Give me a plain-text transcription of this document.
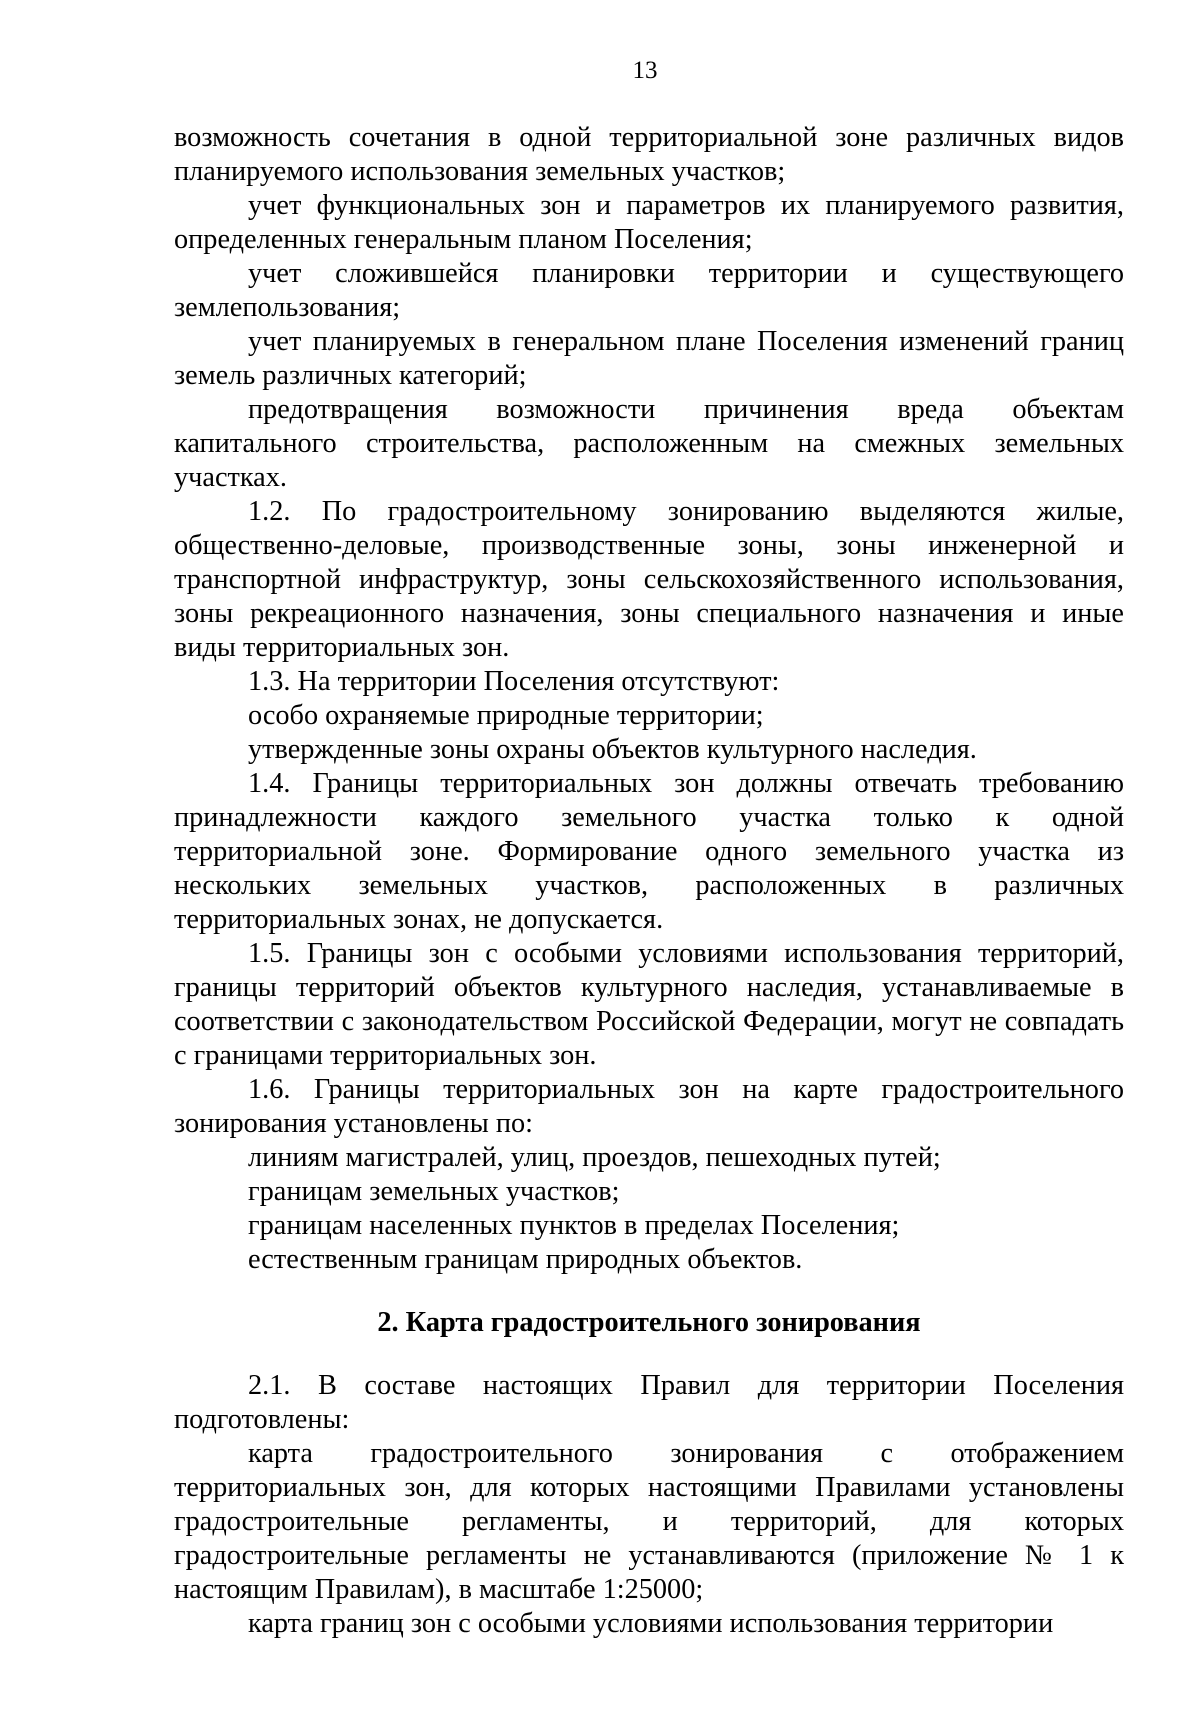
13

возможность сочетания в одной территориальной зоне различных видов планируемого использования земельных участков;

учет функциональных зон и параметров их планируемого развития, определенных генеральным планом Поселения;

учет сложившейся планировки территории и существующего землепользования;

учет планируемых в генеральном плане Поселения изменений границ земель различных категорий;

предотвращения возможности причинения вреда объектам капитального строительства, расположенным на смежных земельных участках.

1.2. По градостроительному зонированию выделяются жилые, общественно-деловые, производственные зоны, зоны инженерной и транспортной инфраструктур, зоны сельскохозяйственного использования, зоны рекреационного назначения, зоны специального назначения и иные виды территориальных зон.

1.3. На территории Поселения отсутствуют:

особо охраняемые природные территории;

утвержденные зоны охраны объектов культурного наследия.

1.4. Границы территориальных зон должны отвечать требованию принадлежности каждого земельного участка только к одной территориальной зоне. Формирование одного земельного участка из нескольких земельных участков, расположенных в различных территориальных зонах, не допускается.

1.5. Границы зон с особыми условиями использования территорий, границы территорий объектов культурного наследия, устанавливаемые в соответствии с законодательством Российской Федерации, могут не совпадать с границами территориальных зон.

1.6. Границы территориальных зон на карте градостроительного зонирования установлены по:

линиям магистралей, улиц, проездов, пешеходных путей;

границам земельных участков;

границам населенных пунктов в пределах Поселения;

естественным границам природных объектов.

2. Карта градостроительного зонирования

2.1. В составе настоящих Правил для территории Поселения подготовлены:

карта градостроительного зонирования с отображением территориальных зон, для которых настоящими Правилами установлены градостроительные регламенты, и территорий, для которых градостроительные регламенты не устанавливаются (приложение № 1 к настоящим Правилам), в масштабе 1:25000;

карта границ зон с особыми условиями использования территории
